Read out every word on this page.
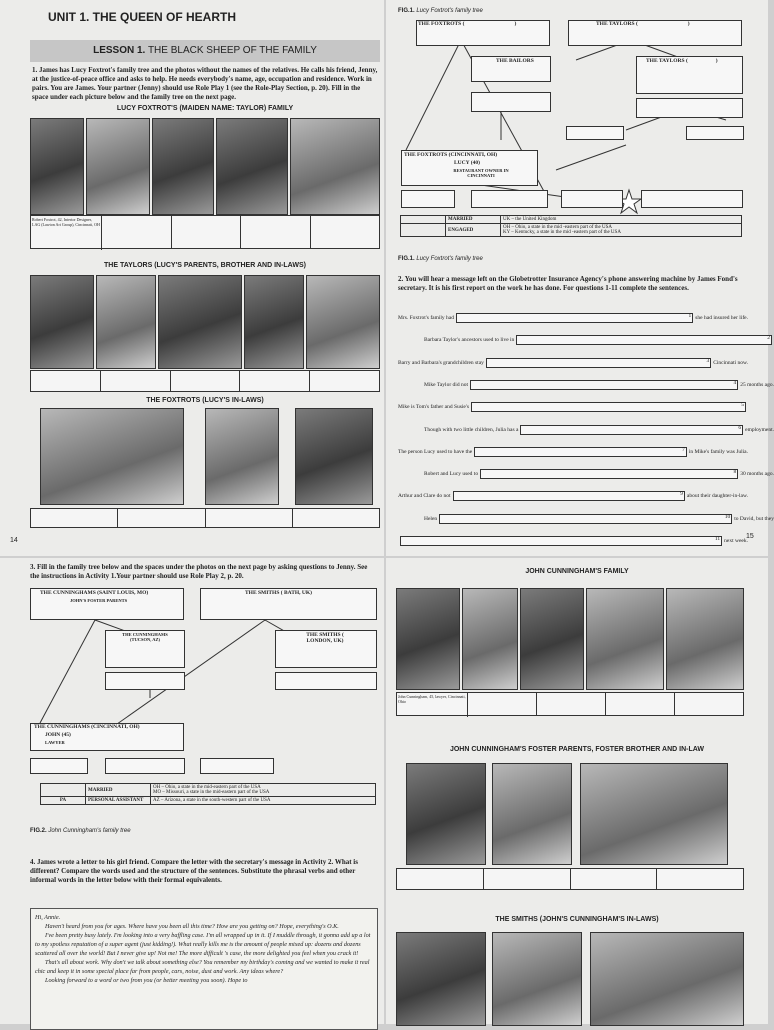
UNIT 1. THE QUEEN OF HEARTH
LESSON 1. THE BLACK SHEEP OF THE FAMILY
1. James has Lucy Foxtrot's family tree and the photos without the names of the relatives. He calls his friend, Jenny, at the justice-of-peace office and asks to help. He needs everybody's name, age, occupation and residence. Work in pairs. You are James. Your partner (Jenny) should use Role Play 1 (see the Role-Play Section, p. 20). Fill in the space under each picture below and the family tree on the next page.
LUCY FOXTROT'S (MAIDEN NAME: TAYLOR) FAMILY
Robert Foxtrot, 42, Interior Designer, LAG (Lawton Art Group), Cincinnati, OH
THE TAYLORS (LUCY'S PARENTS, BROTHER AND IN-LAWS)
THE FOXTROTS (LUCY'S IN-LAWS)
14
FIG.1. Lucy Foxtrot's family tree
THE FOXTROTS (	)	THE TAYLORS (	)
THE BAILORS	THE TAYLORS (	)
THE FOXTROTS (CINCINNATI, OH)
LUCY (40)
RESTAURANT OWNER IN CINCINNATI
	MARRIED	UK – the United Kingdom
	ENGAGED	OH – Ohio, a state in the mid -eastern part of the USA
KY – Kentucky, a state in the mid -eastern part of the USA
FIG.1. Lucy Foxtrot's family tree
2. You will hear a message left on the Globetrotter Insurance Agency's phone answering machine by James Fond's secretary. It is his first report on the work he has done. For questions 1-11 complete the sentences.
Mrs. Foxtrot's family had	1 she had insured her life.
Barbara Taylor's ancestors used to live in	2
Barry and Barbara's grandchildren stay	3 Cincinnati now.
Mike Taylor did not	4 25 months ago.
Mike is Tom's father and Susie's	5
Though with two little children, Julia has a	6 employment.
The person Lucy used to have the	7 in Mike's family was Julia.
Robert and Lucy used to	8 30 months ago.
Arthur and Clare do not	9 about their daughter-in-law.
Helen	10 to David, but they
11 next week.
15
3. Fill in the family tree below and the spaces under the photos on the next page by asking questions to Jenny. See the instructions in Activity 1.Your partner should use Role Play 2, p. 20.
THE CUNNINGHAMS (SAINT LOUIS, MO)
JOHN'S FOSTER PARENTS
THE SMITHS ( BATH, UK)
THE CUNNINGHAMS (TUCSON, AZ)
THE SMITHS ( LONDON, UK)
THE CUNNINGHAMS (CINCINNATI, OH)
JOHN (45)
LAWYER
	MARRIED	OH – Ohio, a state in the mid-eastern part of the USA
MO – Missouri, a state in the mid-eastern part of the USA

PA	PERSONAL ASSISTANT	AZ – Arizona, a state in the south-western part of the USA
FIG.2. John Cunningham's family tree
4. James wrote a letter to his girl friend. Compare the letter with the secretary's message in Activity 2. What is different? Compare the words used and the structure of the sentences. Substitute the phrasal verbs and other informal words in the letter below with their formal equivalents.

Hi, Annie.

Haven't heard from you for ages. Where have you been all this time? How are you getting on? Hope, everything's O.K.

I've been pretty busy lately. I'm looking into a very baffling case. I'm all wrapped up in it. If I muddle through, it gonna add up a lot to my spotless reputation of a super agent (just kidding!). What really kills me is the amount of people mixed up: dozens and dozens scattered all over the world! But I never give up! Not me! The more difficult 's case, the more delighted you feel when you crack it!

That's all about work. Why don't we talk about something else? You remember my birthday's coming and we wanted to make it real chic and keep it in some special place far from people, cars, noise, dust and work. Any ideas where?

Looking forward to a word or two from you (or better meeting you soon). Hope to

JOHN CUNNINGHAM'S FAMILY
John Cunningham, 45, lawyer, Cincinnati, Ohio
JOHN CUNNINGHAM'S FOSTER PARENTS, FOSTER BROTHER AND IN-LAW
THE SMITHS (JOHN'S CUNNINGHAM'S IN-LAWS)
